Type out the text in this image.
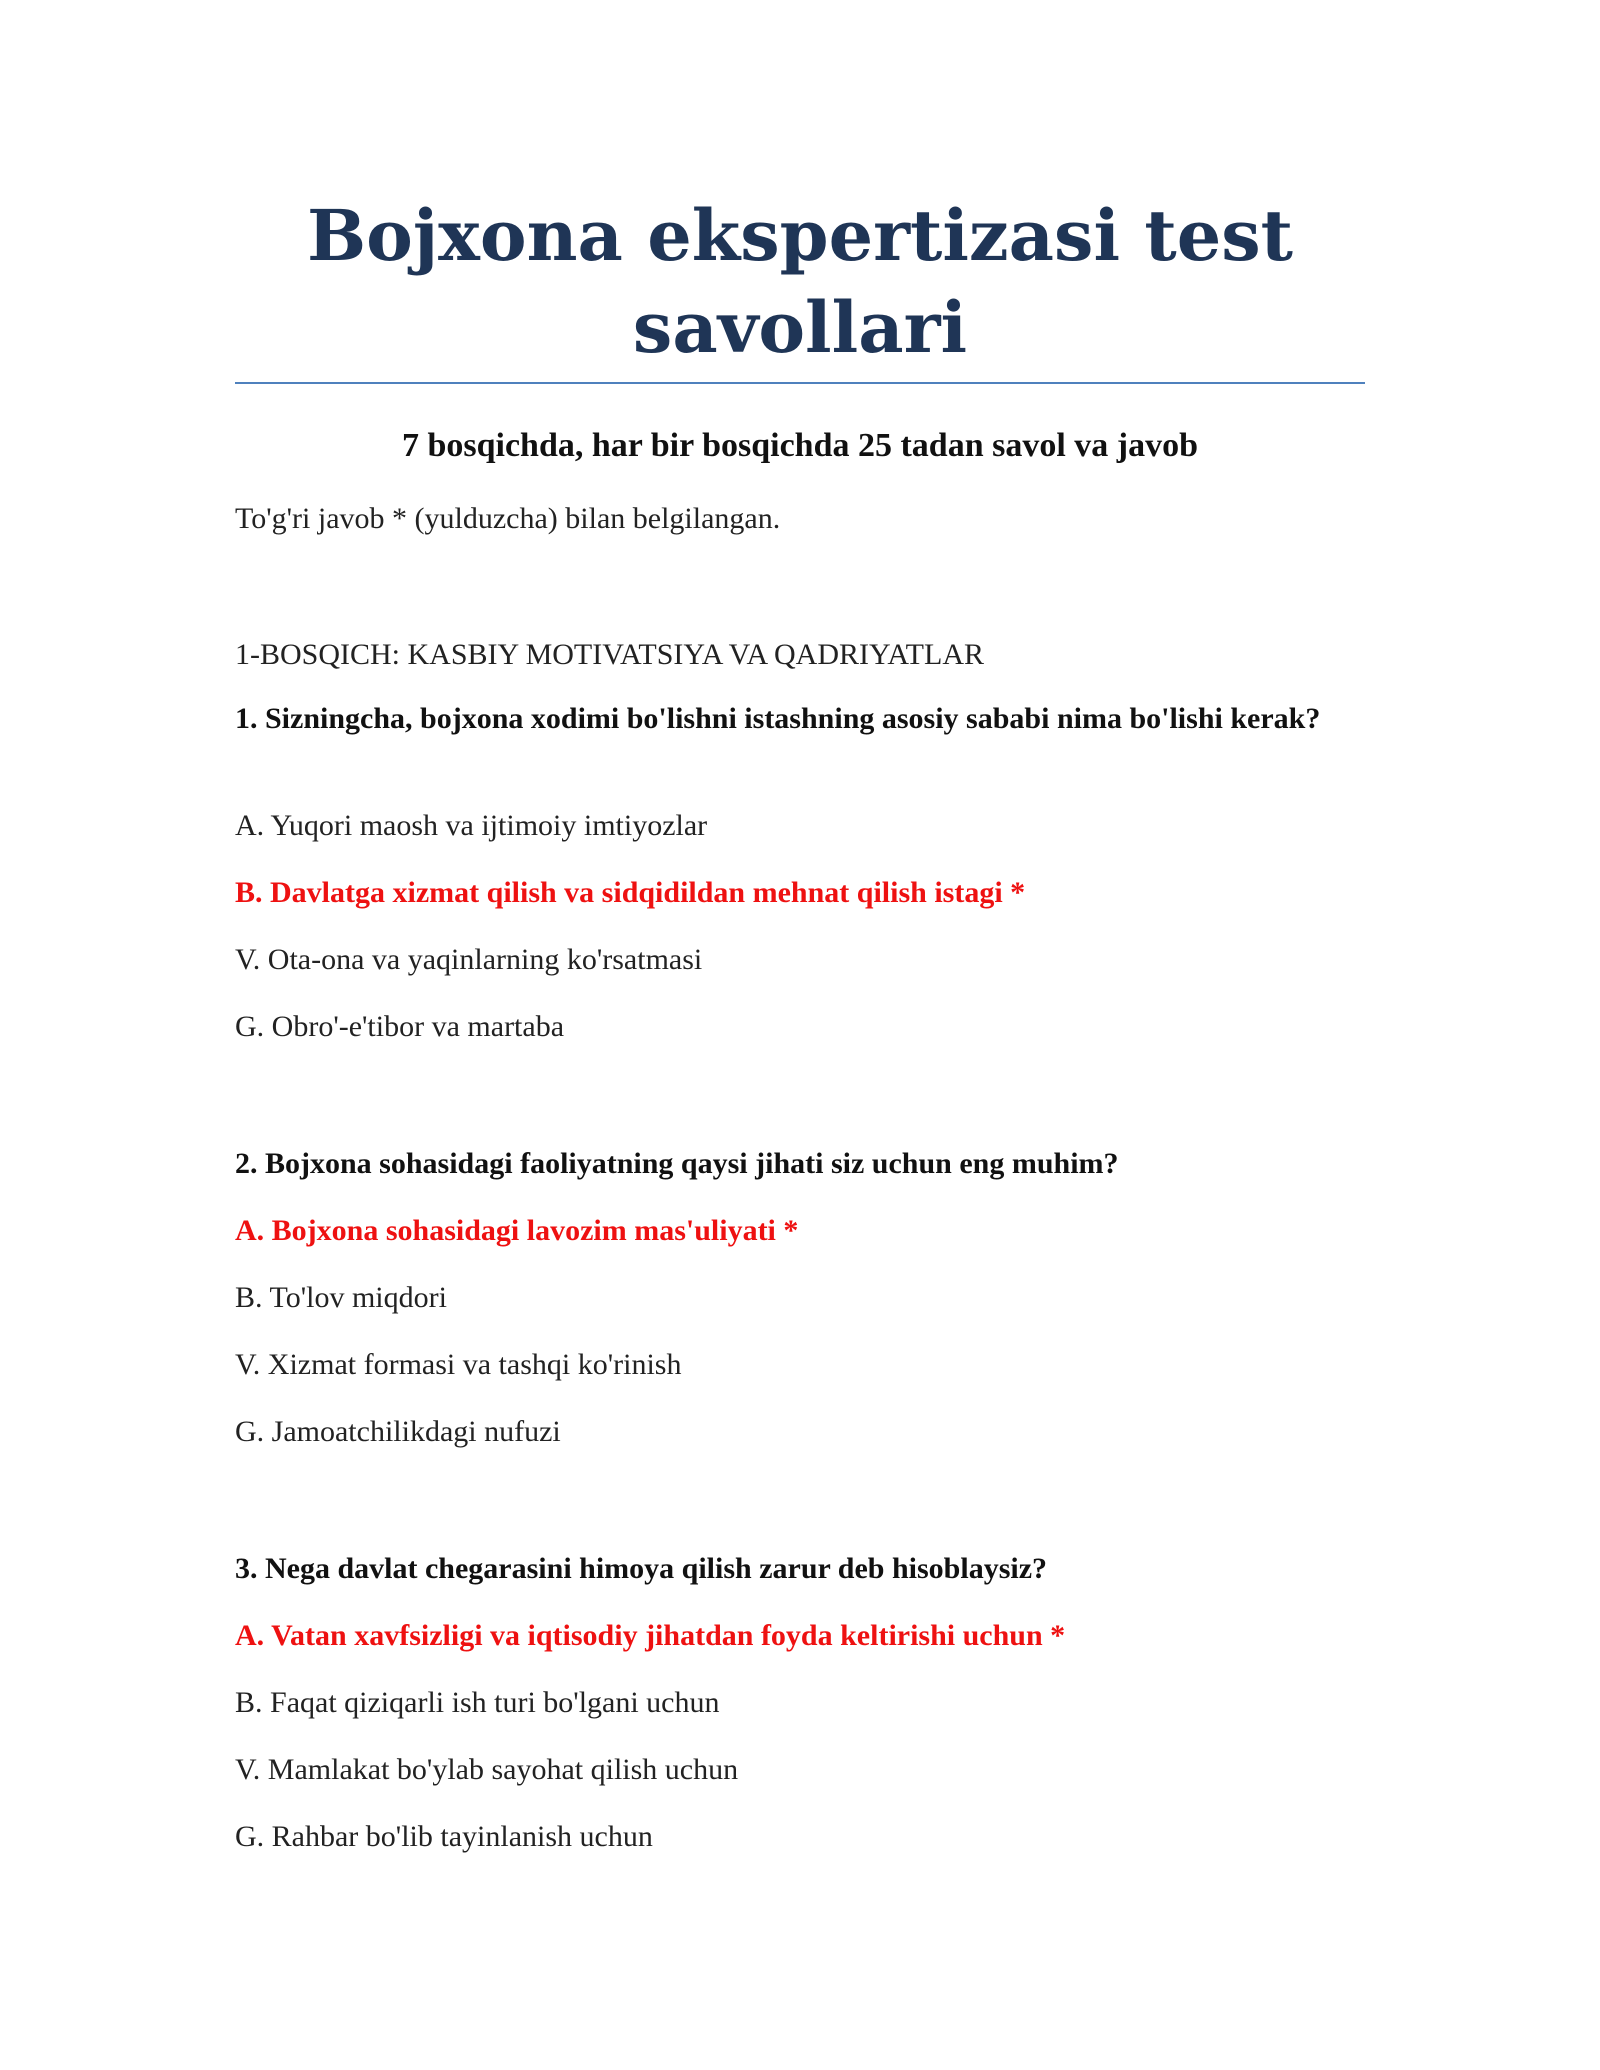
Bojxona ekspertizasi test savollari
7 bosqichda, har bir bosqichda 25 tadan savol va javob

To'g'ri javob * (yulduzcha) bilan belgilangan.

1-BOSQICH: KASBIY MOTIVATSIYA VA QADRIYATLAR

1. Sizningcha, bojxona xodimi bo'lishni istashning asosiy sababi nima bo'lishi kerak?

A. Yuqori maosh va ijtimoiy imtiyozlar

B. Davlatga xizmat qilish va sidqidildan mehnat qilish istagi *

V. Ota-ona va yaqinlarning ko'rsatmasi

G. Obro'-e'tibor va martaba

2. Bojxona sohasidagi faoliyatning qaysi jihati siz uchun eng muhim?

A. Bojxona sohasidagi lavozim mas'uliyati *

B. To'lov miqdori

V. Xizmat formasi va tashqi ko'rinish

G. Jamoatchilikdagi nufuzi

3. Nega davlat chegarasini himoya qilish zarur deb hisoblaysiz?

A. Vatan xavfsizligi va iqtisodiy jihatdan foyda keltirishi uchun *

B. Faqat qiziqarli ish turi bo'lgani uchun

V. Mamlakat bo'ylab sayohat qilish uchun

G. Rahbar bo'lib tayinlanish uchun
